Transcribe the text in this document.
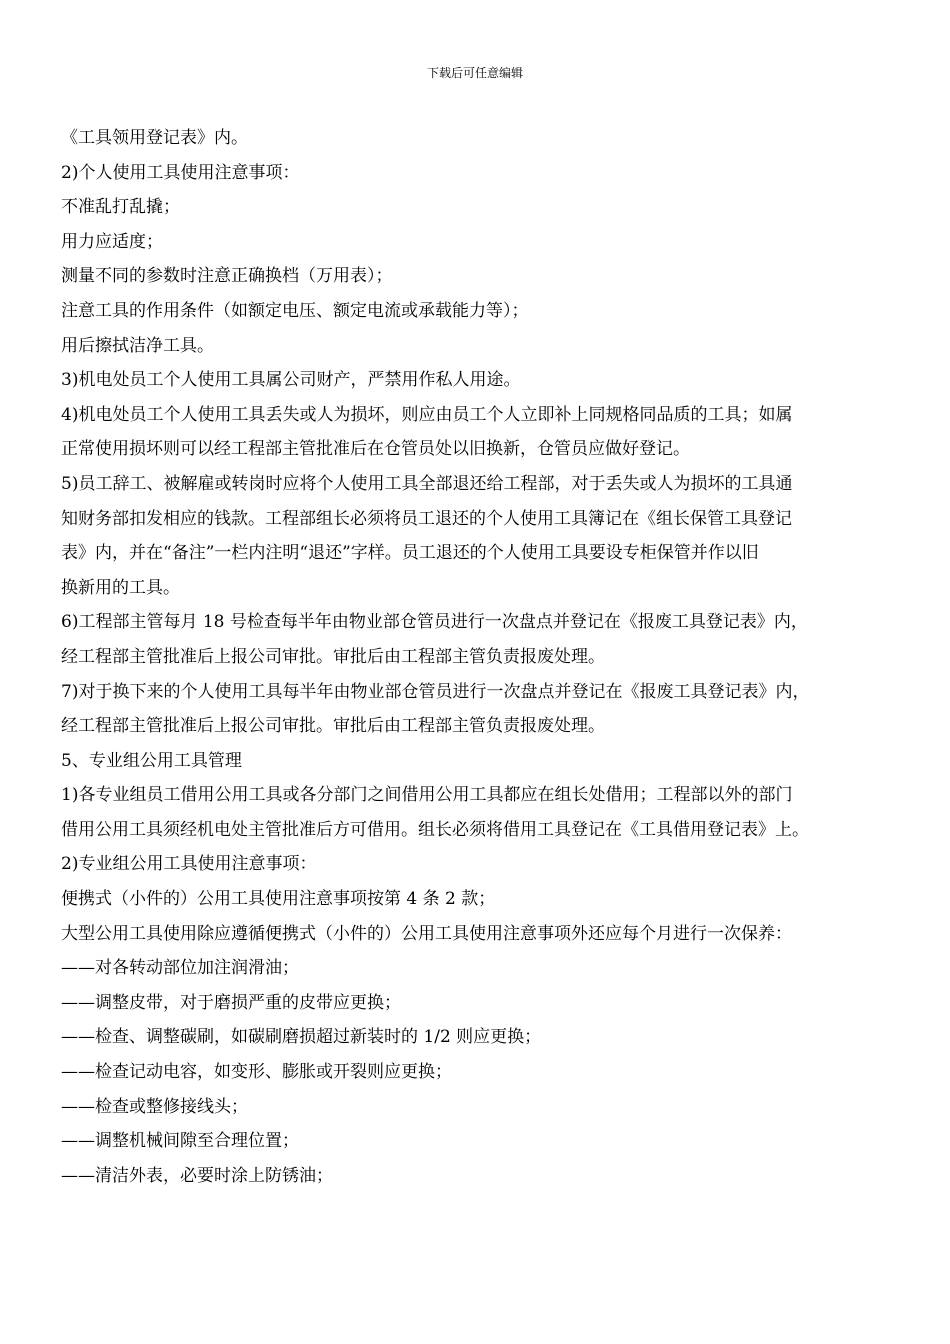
下载后可任意编辑
《工具领用登记表》内。
2)个人使用工具使用注意事项：
不准乱打乱撬；
用力应适度；
测量不同的参数时注意正确换档（万用表）；
注意工具的作用条件（如额定电压、额定电流或承载能力等）；
用后擦拭洁净工具。
3)机电处员工个人使用工具属公司财产，严禁用作私人用途。
4)机电处员工个人使用工具丢失或人为损坏，则应由员工个人立即补上同规格同品质的工具；如属
正常使用损坏则可以经工程部主管批准后在仓管员处以旧换新，仓管员应做好登记。
5)员工辞工、被解雇或转岗时应将个人使用工具全部退还给工程部，对于丢失或人为损坏的工具通
知财务部扣发相应的钱款。工程部组长必须将员工退还的个人使用工具簿记在《组长保管工具登记
表》内，并在“备注”一栏内注明“退还”字样。员工退还的个人使用工具要设专柜保管并作以旧
换新用的工具。
6)工程部主管每月 18 号检查每半年由物业部仓管员进行一次盘点并登记在《报废工具登记表》内，
经工程部主管批准后上报公司审批。审批后由工程部主管负责报废处理。
7)对于换下来的个人使用工具每半年由物业部仓管员进行一次盘点并登记在《报废工具登记表》内，
经工程部主管批准后上报公司审批。审批后由工程部主管负责报废处理。
5、专业组公用工具管理
1)各专业组员工借用公用工具或各分部门之间借用公用工具都应在组长处借用；工程部以外的部门
借用公用工具须经机电处主管批准后方可借用。组长必须将借用工具登记在《工具借用登记表》上。
2)专业组公用工具使用注意事项：
便携式（小件的）公用工具使用注意事项按第 4 条 2 款；
大型公用工具使用除应遵循便携式（小件的）公用工具使用注意事项外还应每个月进行一次保养：
——对各转动部位加注润滑油；
——调整皮带，对于磨损严重的皮带应更换；
——检查、调整碳刷，如碳刷磨损超过新装时的 1/2 则应更换；
——检查记动电容，如变形、膨胀或开裂则应更换；
——检查或整修接线头；
——调整机械间隙至合理位置；
——清洁外表，必要时涂上防锈油；
